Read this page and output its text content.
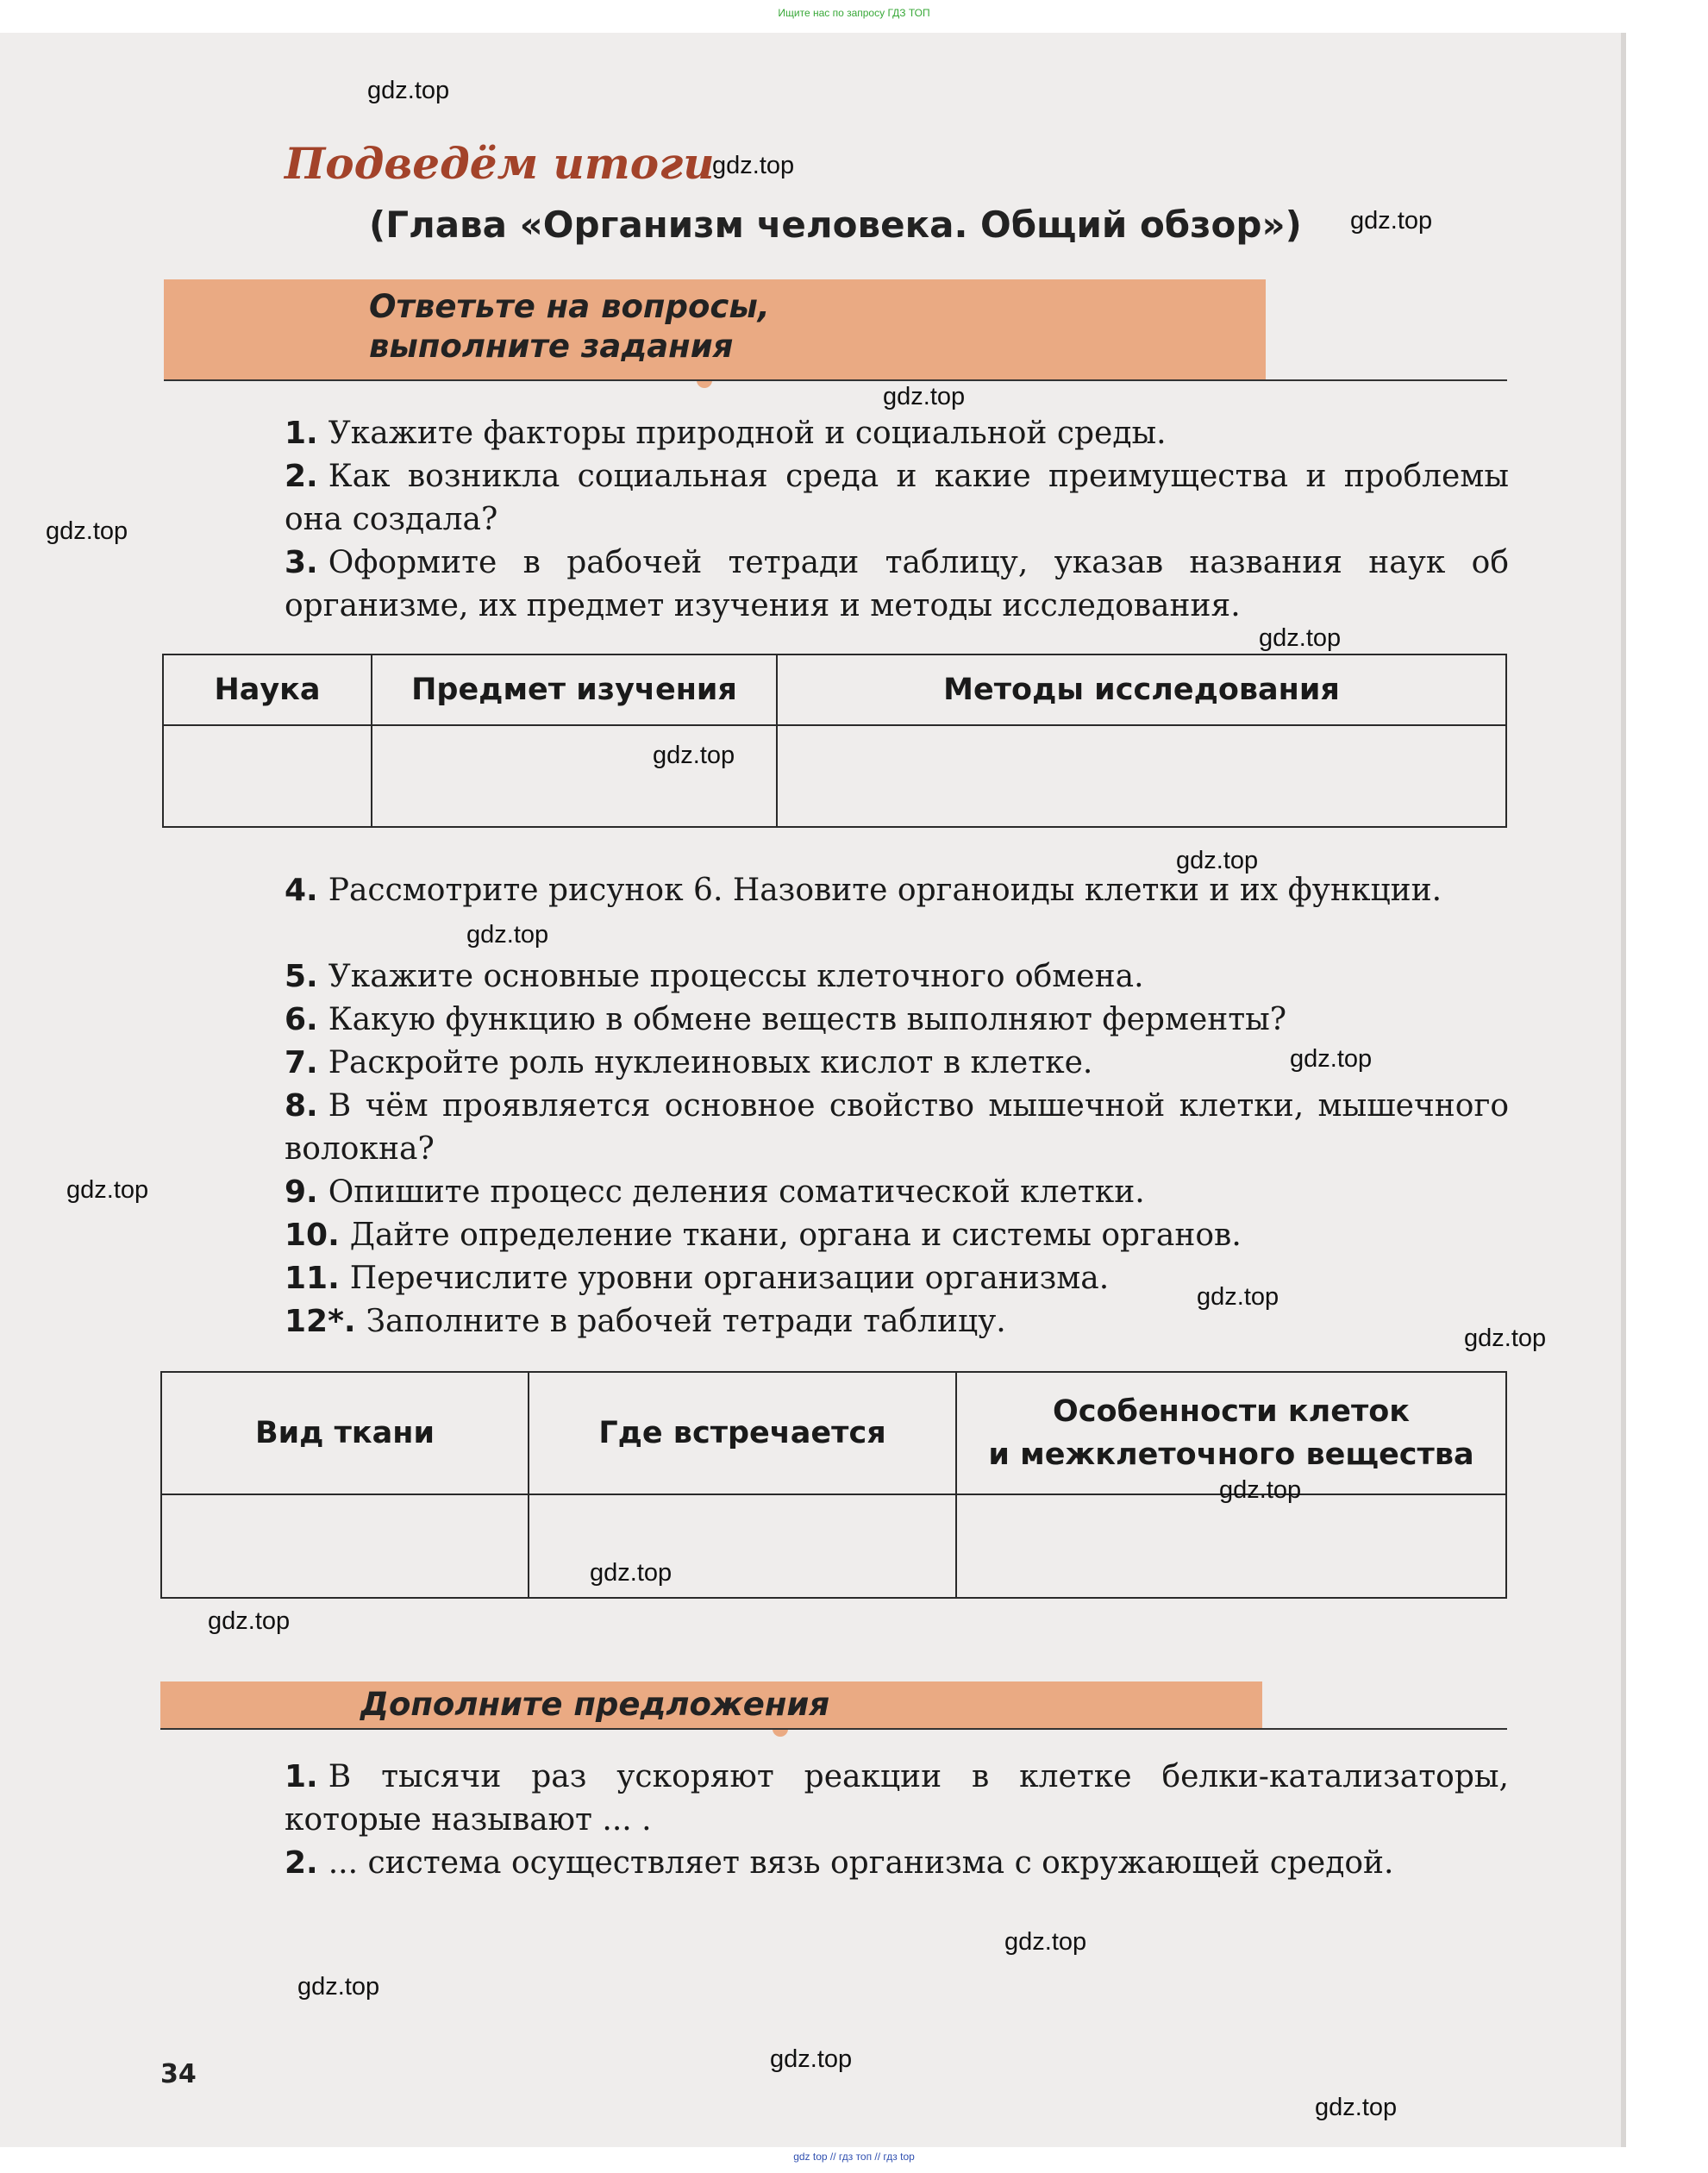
Ищите нас по запросу ГДЗ ТОП
Подведём итоги
(Глава «Организм человека. Общий обзор»)
Ответьте на вопросы,
выполните задания
1. Укажите факторы природной и социальной среды.
2. Как возникла социальная среда и какие преимущества и проблемы она создала?
3. Оформите в рабочей тетради таблицу, указав названия наук об организме, их предмет изучения и методы исследования.
Наука	Предмет изучения	Методы исследования

4. Рассмотрите рисунок 6. Назовите органоиды клетки и их функции.
5. Укажите основные процессы клеточного обмена.
6. Какую функцию в обмене веществ выполняют ферменты?
7. Раскройте роль нуклеиновых кислот в клетке.
8. В чём проявляется основное свойство мышечной клетки, мышечного волокна?
9. Опишите процесс деления соматической клетки.
10. Дайте определение ткани, органа и системы органов.
11. Перечислите уровни организации организма.
12*. Заполните в рабочей тетради таблицу.
Вид ткани	Где встречается	Особенности клеток
и межклеточного вещества

Дополните предложения
1. В тысячи раз ускоряют реакции в клетке белки-катализаторы, которые называют ... .
2. ... система осуществляет вязь организма с окружающей средой.
34
gdz.top
gdz.top
gdz.top
gdz.top
gdz.top
gdz.top
gdz.top
gdz.top
gdz.top
gdz.top
gdz.top
gdz.top
gdz.top
gdz.top
gdz.top
gdz.top
gdz.top
gdz.top
gdz.top
gdz.top
gdz top // гдз топ // гдз top
